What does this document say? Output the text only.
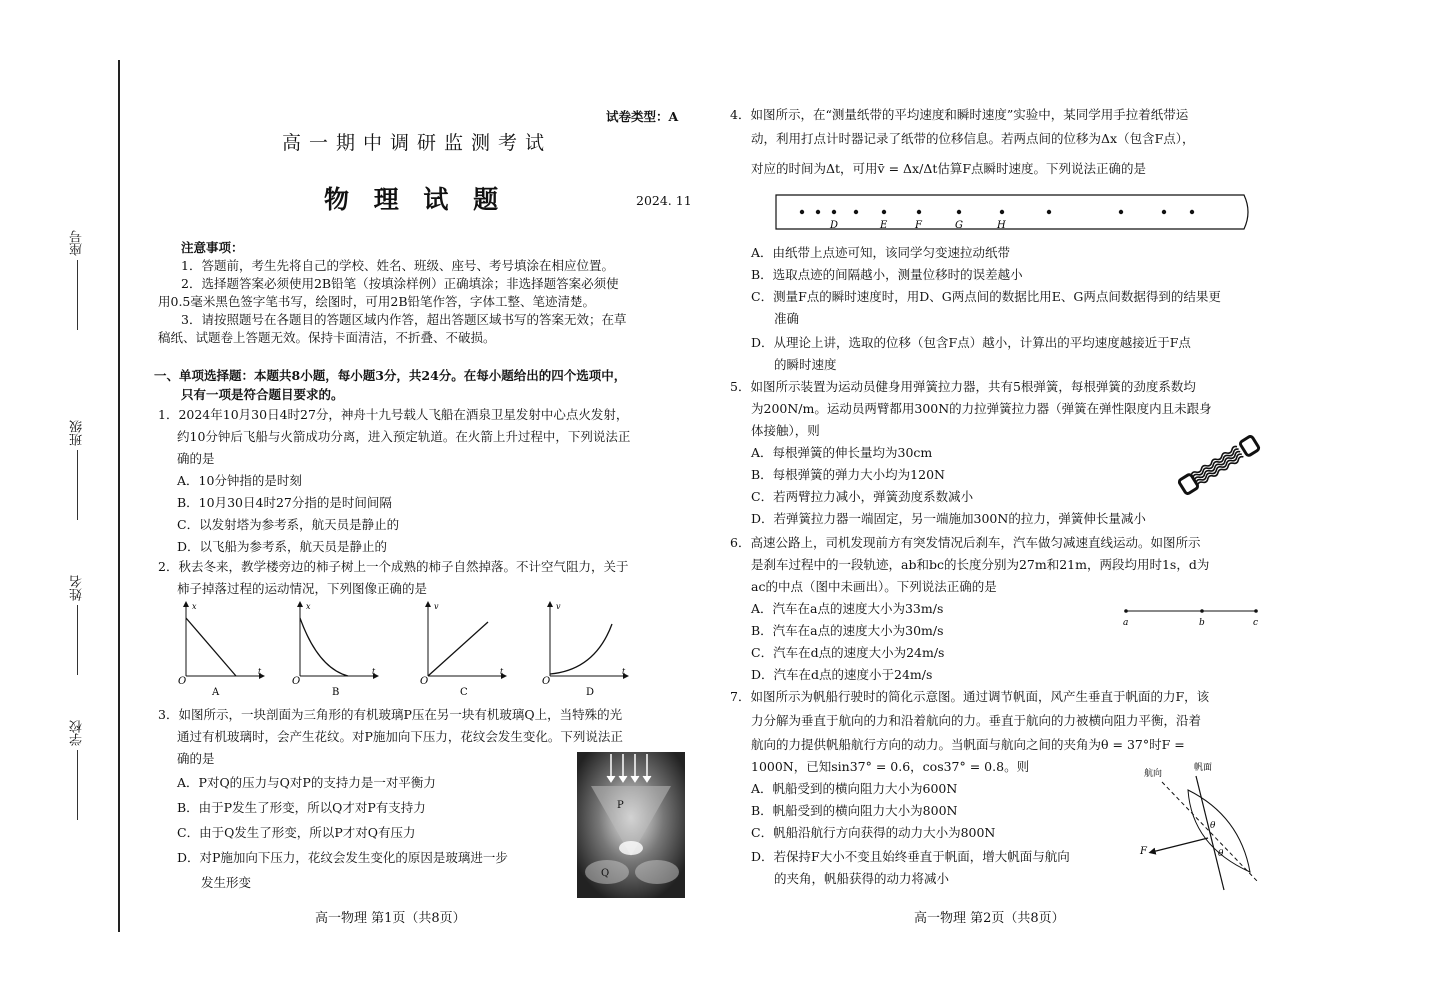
座号
班级
姓名
学校
试卷类型：A
高一期中调研监测考试
物 理 试 题	2024. 11
注意事项：
1．答题前，考生先将自己的学校、姓名、班级、座号、考号填涂在相应位置。
2．选择题答案必须使用2B铅笔（按填涂样例）正确填涂；非选择题答案必须使
用0.5毫米黑色签字笔书写，绘图时，可用2B铅笔作答，字体工整、笔迹清楚。
3．请按照题号在各题目的答题区域内作答，超出答题区域书写的答案无效；在草
稿纸、试题卷上答题无效。保持卡面清洁，不折叠、不破损。
一、单项选择题：本题共8小题，每小题3分，共24分。在每小题给出的四个选项中，
只有一项是符合题目要求的。
1．2024年10月30日4时27分，神舟十九号载人飞船在酒泉卫星发射中心点火发射，
约10分钟后飞船与火箭成功分离，进入预定轨道。在火箭上升过程中，下列说法正
确的是
A．10分钟指的是时刻
B．10月30日4时27分指的是时间间隔
C．以发射塔为参考系，航天员是静止的
D．以飞船为参考系，航天员是静止的
2．秋去冬来，教学楼旁边的柿子树上一个成熟的柿子自然掉落。不计空气阻力，关于
柿子掉落过程的运动情况，下列图像正确的是
x
t
O
A
x
t
O
B
v
t
O
C
v
t
O
D
3．如图所示，一块剖面为三角形的有机玻璃P压在另一块有机玻璃Q上，当特殊的光
通过有机玻璃时，会产生花纹。对P施加向下压力，花纹会发生变化。下列说法正
确的是
A．P对Q的压力与Q对P的支持力是一对平衡力
B．由于P发生了形变，所以Q才对P有支持力
C．由于Q发生了形变，所以P才对Q有压力
D．对P施加向下压力，花纹会发生变化的原因是玻璃进一步
发生形变
P
Q
高一物理 第1页（共8页）
4．如图所示，在“测量纸带的平均速度和瞬时速度”实验中，某同学用手拉着纸带运
动，利用打点计时器记录了纸带的位移信息。若两点间的位移为Δx（包含F点），
对应的时间为Δt，可用v̄ = Δx/Δt估算F点瞬时速度。下列说法正确的是
D	E	F	G	H
A．由纸带上点迹可知，该同学匀变速拉动纸带
B．选取点迹的间隔越小，测量位移时的误差越小
C．测量F点的瞬时速度时，用D、G两点间的数据比用E、G两点间数据得到的结果更
准确
D．从理论上讲，选取的位移（包含F点）越小，计算出的平均速度越接近于F点
的瞬时速度
5．如图所示装置为运动员健身用弹簧拉力器，共有5根弹簧，每根弹簧的劲度系数均
为200N/m。运动员两臂都用300N的力拉弹簧拉力器（弹簧在弹性限度内且未跟身
体接触），则
A．每根弹簧的伸长量均为30cm
B．每根弹簧的弹力大小均为120N
C．若两臂拉力减小，弹簧劲度系数减小
D．若弹簧拉力器一端固定，另一端施加300N的拉力，弹簧伸长量减小
6．高速公路上，司机发现前方有突发情况后刹车，汽车做匀减速直线运动。如图所示
是刹车过程中的一段轨迹，ab和bc的长度分别为27m和21m，两段均用时1s，d为
ac的中点（图中未画出）。下列说法正确的是
A．汽车在a点的速度大小为33m/s
B．汽车在a点的速度大小为30m/s
C．汽车在d点的速度大小为24m/s
D．汽车在d点的速度小于24m/s
a	b	c
7．如图所示为帆船行驶时的简化示意图。通过调节帆面，风产生垂直于帆面的力F，该
力分解为垂直于航向的力和沿着航向的力。垂直于航向的力被横向阻力平衡，沿着
航向的力提供帆船航行方向的动力。当帆面与航向之间的夹角为θ = 37°时F =
1000N，已知sin37° = 0.6，cos37° = 0.8。则
A．帆船受到的横向阻力大小为600N
B．帆船受到的横向阻力大小为800N
C．帆船沿航行方向获得的动力大小为800N
D．若保持F大小不变且始终垂直于帆面，增大帆面与航向
的夹角，帆船获得的动力将减小
航向
帆面
F
θ
θ
高一物理 第2页（共8页）
